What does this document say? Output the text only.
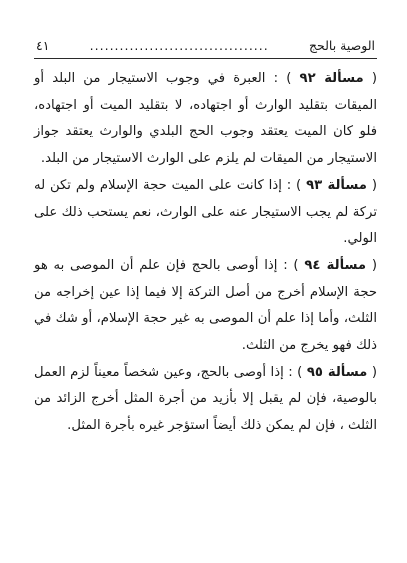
الوصية بالحج
....................................
٤١

( مسألة ٩٢ ) : العبرة في وجوب الاستيجار من البلد أو الميقات بتقليد الوارث أو اجتهاده، لا بتقليد الميت أو اجتهاده، فلو كان الميت يعتقد وجوب الحج البلدي والوارث يعتقد جواز الاستيجار من الميقات لم يلزم على الوارث الاستيجار من البلد.

( مسألة ٩٣ ) : إذا كانت على الميت حجة الإسلام ولم تكن له تركة لم يجب الاستيجار عنه على الوارث، نعم يستحب ذلك على الولي.

( مسألة ٩٤ ) : إذا أوصى بالحج فإن علم أن الموصى به هو حجة الإسلام أخرج من أصل التركة إلا فيما إذا عين إخراجه من الثلث، وأما إذا علم أن الموصى به غير حجة الإسلام، أو شك في ذلك فهو يخرج من الثلث.

( مسألة ٩٥ ) : إذا أوصى بالحج، وعين شخصاً معيناً لزم العمل بالوصية، فإن لم يقبل إلا بأزيد من أجرة المثل أخرج الزائد من الثلث ، فإن لم يمكن ذلك أيضاً استؤجر غيره بأجرة المثل.
